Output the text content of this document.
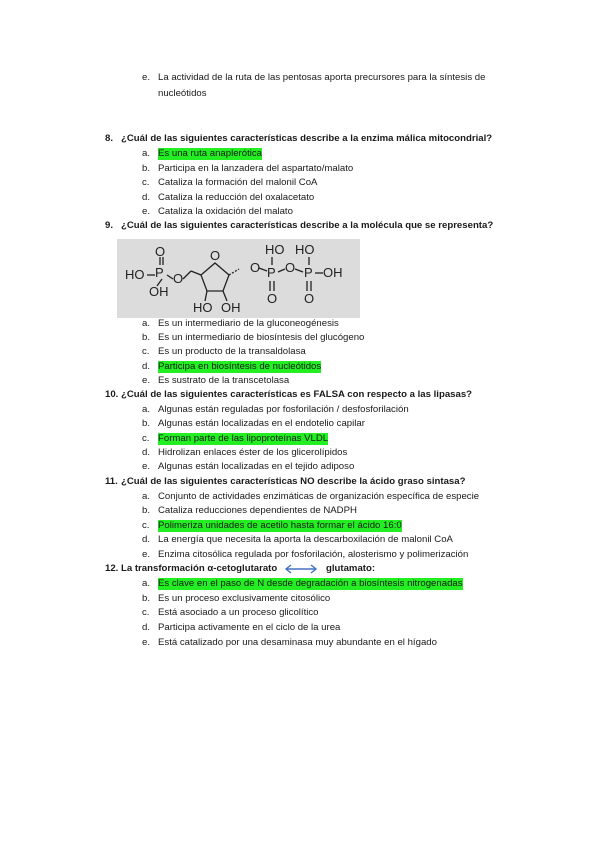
e. La actividad de la ruta de las pentosas aporta precursores para la síntesis de
nucleótidos
8. ¿Cuál de las siguientes características describe a la enzima málica mitocondrial?
a. Es una ruta anaplerótica
b. Participa en la lanzadera del aspartato/malato
c. Cataliza la formación del malonil CoA
d. Cataliza la reducción del oxalacetato
e. Cataliza la oxidación del malato
9. ¿Cuál de las siguientes características describe a la molécula que se representa?
HO P
O
OH
O
O
HO OH
O
HO
P
O
O
HO
P OH
O
a. Es un intermediario de la gluconeogénesis
b. Es un intermediario de biosíntesis del glucógeno
c. Es un producto de la transaldolasa
d. Participa en biosíntesis de nucleótidos
e. Es sustrato de la transcetolasa
10. ¿Cuál de las siguientes características es FALSA con respecto a las lipasas?
a. Algunas están reguladas por fosforilación / desfosforilación
b. Algunas están localizadas en el endotelio capilar
c. Forman parte de las lipoproteínas VLDL
d. Hidrolizan enlaces éster de los glicerolípidos
e. Algunas están localizadas en el tejido adiposo
11. ¿Cuál de las siguientes características NO describe la ácido graso sintasa?
a. Conjunto de actividades enzimáticas de organización específica de especie
b. Cataliza reducciones dependientes de NADPH
c. Polimeriza unidades de acetilo hasta formar el ácido 16:0
d. La energía que necesita la aporta la descarboxilación de malonil CoA
e. Enzima citosólica regulada por fosforilación, alosterismo y polimerización
12. La transformación α-cetoglutarato	glutamato:
a. Es clave en el paso de N desde degradación a biosíntesis nitrogenadas
b. Es un proceso exclusivamente citosólico
c. Está asociado a un proceso glicolítico
d. Participa activamente en el ciclo de la urea
e. Está catalizado por una desaminasa muy abundante en el hígado
